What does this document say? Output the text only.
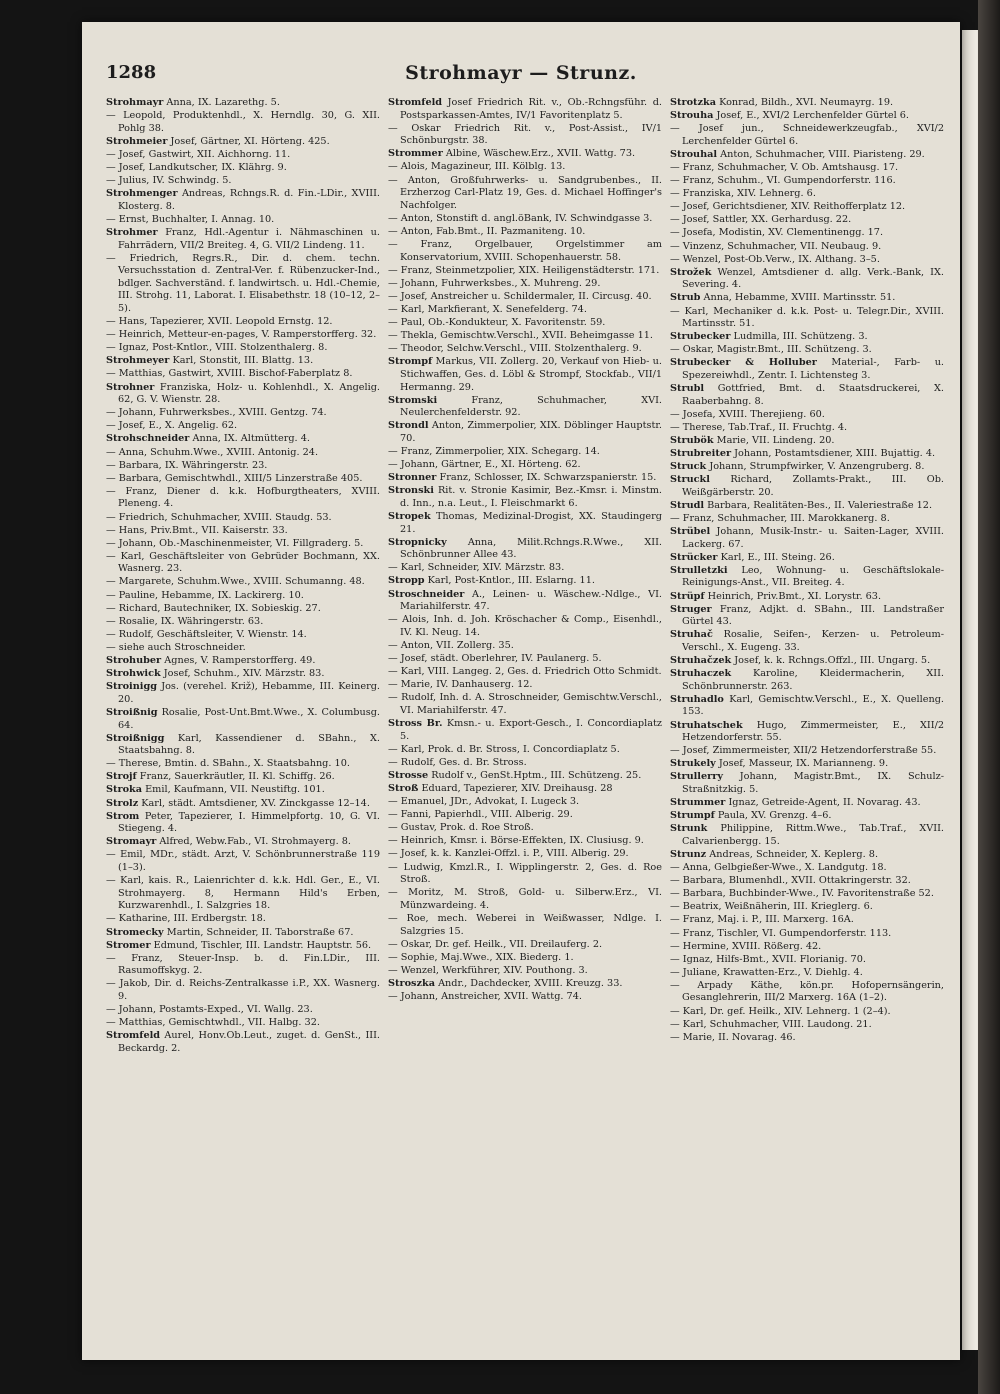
1288	Strohmayr — Strunz.

Strohmayr Anna, IX. Lazarethg. 5.

— Leopold, Produktenhdl., X. Herndlg. 30, G. XII. Pohlg 38.

Strohmeier Josef, Gärtner, XI. Hörteng. 425.

— Josef, Gastwirt, XII. Aichhorng. 11.

— Josef, Landkutscher, IX. Klährg. 9.

— Julius, IV. Schwindg. 5.

Strohmenger Andreas, Rchngs.R. d. Fin.-LDir., XVIII. Klosterg. 8.

— Ernst, Buchhalter, I. Annag. 10.

Strohmer Franz, Hdl.-Agentur i. Nähmaschinen u. Fahrrädern, VII/2 Breiteg. 4, G. VII/2 Lindeng. 11.

— Friedrich, Regrs.R., Dir. d. chem. techn. Versuchsstation d. Zentral-Ver. f. Rübenzucker-Ind., bdlger. Sachverständ. f. landwirtsch. u. Hdl.-Chemie, III. Strohg. 11, Laborat. I. Elisabethstr. 18 (10–12, 2–5).

— Hans, Tapezierer, XVII. Leopold Ernstg. 12.

— Heinrich, Metteur-en-pages, V. Ramperstorfferg. 32.

— Ignaz, Post-Kntlor., VIII. Stolzenthalerg. 8.

Strohmeyer Karl, Stonstit, III. Blattg. 13.

— Matthias, Gastwirt, XVIII. Bischof-Faberplatz 8.

Strohner Franziska, Holz- u. Kohlenhdl., X. Angelig. 62, G. V. Wienstr. 28.

— Johann, Fuhrwerksbes., XVIII. Gentzg. 74.

— Josef, E., X. Angelig. 62.

Strohschneider Anna, IX. Altmütterg. 4.

— Anna, Schuhm.Wwe., XVIII. Antonig. 24.

— Barbara, IX. Währingerstr. 23.

— Barbara, Gemischtwhdl., XIII/5 Linzerstraße 405.

— Franz, Diener d. k.k. Hofburgtheaters, XVIII. Pleneng. 4.

— Friedrich, Schuhmacher, XVIII. Staudg. 53.

— Hans, Priv.Bmt., VII. Kaiserstr. 33.

— Johann, Ob.-Maschinenmeister, VI. Fillgraderg. 5.

— Karl, Geschäftsleiter von Gebrüder Bochmann, XX. Wasnerg. 23.

— Margarete, Schuhm.Wwe., XVIII. Schumanng. 48.

— Pauline, Hebamme, IX. Lackirerg. 10.

— Richard, Bautechniker, IX. Sobieskig. 27.

— Rosalie, IX. Währingerstr. 63.

— Rudolf, Geschäftsleiter, V. Wienstr. 14.

— siehe auch Stroschneider.

Strohuber Agnes, V. Ramperstorfferg. 49.

Strohwick Josef, Schuhm., XIV. Märzstr. 83.

Stroinigg Jos. (verehel. Križ), Hebamme, III. Keinerg. 20.

Stroißnig Rosalie, Post-Unt.Bmt.Wwe., X. Columbusg. 64.

Stroißnigg Karl, Kassendiener d. SBahn., X. Staatsbahng. 8.

— Therese, Bmtin. d. SBahn., X. Staatsbahng. 10.

Strojf Franz, Sauerkräutler, II. Kl. Schiffg. 26.

Stroka Emil, Kaufmann, VII. Neustiftg. 101.

Strolz Karl, städt. Amtsdiener, XV. Zinckgasse 12–14.

Strom Peter, Tapezierer, I. Himmelpfortg. 10, G. VI. Stiegeng. 4.

Stromayr Alfred, Webw.Fab., VI. Strohmayerg. 8.

— Emil, MDr., städt. Arzt, V. Schönbrunnerstraße 119 (1–3).

— Karl, kais. R., Laienrichter d. k.k. Hdl. Ger., E., VI. Strohmayerg. 8, Hermann Hild's Erben, Kurzwarenhdl., I. Salzgries 18.

— Katharine, III. Erdbergstr. 18.

Stromecky Martin, Schneider, II. Taborstraße 67.

Stromer Edmund, Tischler, III. Landstr. Hauptstr. 56.

— Franz, Steuer-Insp. b. d. Fin.LDir., III. Rasumoffskyg. 2.

— Jakob, Dir. d. Reichs-Zentralkasse i.P., XX. Wasnerg. 9.

— Johann, Postamts-Exped., VI. Wallg. 23.

— Matthias, Gemischtwhdl., VII. Halbg. 32.

Stromfeld Aurel, Honv.Ob.Leut., zuget. d. GenSt., III. Beckardg. 2.

Stromfeld Josef Friedrich Rit. v., Ob.-Rchngsführ. d. Postsparkassen-Amtes, IV/1 Favoritenplatz 5.

— Oskar Friedrich Rit. v., Post-Assist., IV/1 Schönburgstr. 38.

Strommer Albine, Wäschew.Erz., XVII. Wattg. 73.

— Alois, Magazineur, III. Kölblg. 13.

— Anton, Großfuhrwerks- u. Sandgrubenbes., II. Erzherzog Carl-Platz 19, Ges. d. Michael Hoffinger's Nachfolger.

— Anton, Stonstift d. angl.öBank, IV. Schwindgasse 3.

— Anton, Fab.Bmt., II. Pazmaniteng. 10.

— Franz, Orgelbauer, Orgelstimmer am Konservatorium, XVIII. Schopenhauerstr. 58.

— Franz, Steinmetzpolier, XIX. Heiligenstädterstr. 171.

— Johann, Fuhrwerksbes., X. Muhreng. 29.

— Josef, Anstreicher u. Schildermaler, II. Circusg. 40.

— Karl, Markfierant, X. Senefelderg. 74.

— Paul, Ob.-Kondukteur, X. Favoritenstr. 59.

— Thekla, Gemischtw.Verschl., XVII. Beheimgasse 11.

— Theodor, Selchw.Verschl., VIII. Stolzenthalerg. 9.

Strompf Markus, VII. Zollerg. 20, Verkauf von Hieb- u. Stichwaffen, Ges. d. Löbl & Strompf, Stockfab., VII/1 Hermanng. 29.

Stromski Franz, Schuhmacher, XVI. Neulerchenfelderstr. 92.

Strondl Anton, Zimmerpolier, XIX. Döblinger Hauptstr. 70.

— Franz, Zimmerpolier, XIX. Schegarg. 14.

— Johann, Gärtner, E., XI. Hörteng. 62.

Stronner Franz, Schlosser, IX. Schwarzspanierstr. 15.

Stronski Rit. v. Stronie Kasimir, Bez.-Kmsr. i. Minstm. d. Inn., n.a. Leut., I. Fleischmarkt 6.

Stropek Thomas, Medizinal-Drogist, XX. Staudingerg 21.

Stropnicky Anna, Milit.Rchngs.R.Wwe., XII. Schönbrunner Allee 43.

— Karl, Schneider, XIV. Märzstr. 83.

Stropp Karl, Post-Kntlor., III. Eslarng. 11.

Stroschneider A., Leinen- u. Wäschew.-Ndlge., VI. Mariahilferstr. 47.

— Alois, Inh. d. Joh. Kröschacher & Comp., Eisenhdl., IV. Kl. Neug. 14.

— Anton, VII. Zollerg. 35.

— Josef, städt. Oberlehrer, IV. Paulanerg. 5.

— Karl, VIII. Langeg. 2, Ges. d. Friedrich Otto Schmidt.

— Marie, IV. Danhauserg. 12.

— Rudolf, Inh. d. A. Stroschneider, Gemischtw.Verschl., VI. Mariahilferstr. 47.

Stross Br. Kmsn.- u. Export-Gesch., I. Concordiaplatz 5.

— Karl, Prok. d. Br. Stross, I. Concordiaplatz 5.

— Rudolf, Ges. d. Br. Stross.

Strosse Rudolf v., GenSt.Hptm., III. Schützeng. 25.

Stroß Eduard, Tapezierer, XIV. Dreihausg. 28

— Emanuel, JDr., Advokat, I. Lugeck 3.

— Fanni, Papierhdl., VIII. Alberig. 29.

— Gustav, Prok. d. Roe Stroß.

— Heinrich, Kmsr. i. Börse-Effekten, IX. Clusiusg. 9.

— Josef, k. k. Kanzlei-Offzl. i. P., VIII. Alberig. 29.

— Ludwig, Kmzl.R., I. Wipplingerstr. 2, Ges. d. Roe Stroß.

— Moritz, M. Stroß, Gold- u. Silberw.Erz., VI. Münzwardeing. 4.

— Roe, mech. Weberei in Weißwasser, Ndlge. I. Salzgries 15.

— Oskar, Dr. gef. Heilk., VII. Dreilauferg. 2.

— Sophie, Maj.Wwe., XIX. Biederg. 1.

— Wenzel, Werkführer, XIV. Pouthong. 3.

Stroszka Andr., Dachdecker, XVIII. Kreuzg. 33.

— Johann, Anstreicher, XVII. Wattg. 74.

Strotzka Konrad, Bildh., XVI. Neumayrg. 19.

Strouha Josef, E., XVI/2 Lerchenfelder Gürtel 6.

— Josef jun., Schneidewerkzeugfab., XVI/2 Lerchenfelder Gürtel 6.

Strouhal Anton, Schuhmacher, VIII. Piaristeng. 29.

— Franz, Schuhmacher, V. Ob. Amtshausg. 17.

— Franz, Schuhm., VI. Gumpendorferstr. 116.

— Franziska, XIV. Lehnerg. 6.

— Josef, Gerichtsdiener, XIV. Reithofferplatz 12.

— Josef, Sattler, XX. Gerhardusg. 22.

— Josefa, Modistin, XV. Clementinengg. 17.

— Vinzenz, Schuhmacher, VII. Neubaug. 9.

— Wenzel, Post-Ob.Verw., IX. Althang. 3–5.

Strožek Wenzel, Amtsdiener d. allg. Verk.-Bank, IX. Severing. 4.

Strub Anna, Hebamme, XVIII. Martinsstr. 51.

— Karl, Mechaniker d. k.k. Post- u. Telegr.Dir., XVIII. Martinsstr. 51.

Strubecker Ludmilla, III. Schützeng. 3.

— Oskar, Magistr.Bmt., III. Schützeng. 3.

Strubecker & Holluber Material-, Farb- u. Spezereiwhdl., Zentr. I. Lichtensteg 3.

Strubl Gottfried, Bmt. d. Staatsdruckerei, X. Raaberbahng. 8.

— Josefa, XVIII. Therejieng. 60.

— Therese, Tab.Traf., II. Fruchtg. 4.

Strubök Marie, VII. Lindeng. 20.

Strubreiter Johann, Postamtsdiener, XIII. Bujattig. 4.

Struck Johann, Strumpfwirker, V. Anzengruberg. 8.

Struckl Richard, Zollamts-Prakt., III. Ob. Weißgärberstr. 20.

Strudl Barbara, Realitäten-Bes., II. Valeriestraße 12.

— Franz, Schuhmacher, III. Marokkanerg. 8.

Strübel Johann, Musik-Instr.- u. Saiten-Lager, XVIII. Lackerg. 67.

Strücker Karl, E., III. Steing. 26.

Strulletzki Leo, Wohnung- u. Geschäftslokale-Reinigungs-Anst., VII. Breiteg. 4.

Strüpf Heinrich, Priv.Bmt., XI. Lorystr. 63.

Struger Franz, Adjkt. d. SBahn., III. Landstraßer Gürtel 43.

Struhač Rosalie, Seifen-, Kerzen- u. Petroleum-Verschl., X. Eugeng. 33.

Struhačzek Josef, k. k. Rchngs.Offzl., III. Ungarg. 5.

Struhaczek Karoline, Kleidermacherin, XII. Schönbrunnerstr. 263.

Struhadlo Karl, Gemischtw.Verschl., E., X. Quelleng. 153.

Struhatschek Hugo, Zimmermeister, E., XII/2 Hetzendorferstr. 55.

— Josef, Zimmermeister, XII/2 Hetzendorferstraße 55.

Strukely Josef, Masseur, IX. Marianneng. 9.

Strullerry Johann, Magistr.Bmt., IX. Schulz-Straßnitzkig. 5.

Strummer Ignaz, Getreide-Agent, II. Novarag. 43.

Strumpf Paula, XV. Grenzg. 4–6.

Strunk Philippine, Rittm.Wwe., Tab.Traf., XVII. Calvarienbergg. 15.

Strunz Andreas, Schneider, X. Keplerg. 8.

— Anna, Gelbgießer-Wwe., X. Landgutg. 18.

— Barbara, Blumenhdl., XVII. Ottakringerstr. 32.

— Barbara, Buchbinder-Wwe., IV. Favoritenstraße 52.

— Beatrix, Weißnäherin, III. Krieglerg. 6.

— Franz, Maj. i. P., III. Marxerg. 16A.

— Franz, Tischler, VI. Gumpendorferstr. 113.

— Hermine, XVIII. Rößerg. 42.

— Ignaz, Hilfs-Bmt., XVII. Florianig. 70.

— Juliane, Krawatten-Erz., V. Diehlg. 4.

— Arpady Käthe, kön.pr. Hofopernsängerin, Gesanglehrerin, III/2 Marxerg. 16A (1–2).

— Karl, Dr. gef. Heilk., XIV. Lehnerg. 1 (2–4).

— Karl, Schuhmacher, VIII. Laudong. 21.

— Marie, II. Novarag. 46.
